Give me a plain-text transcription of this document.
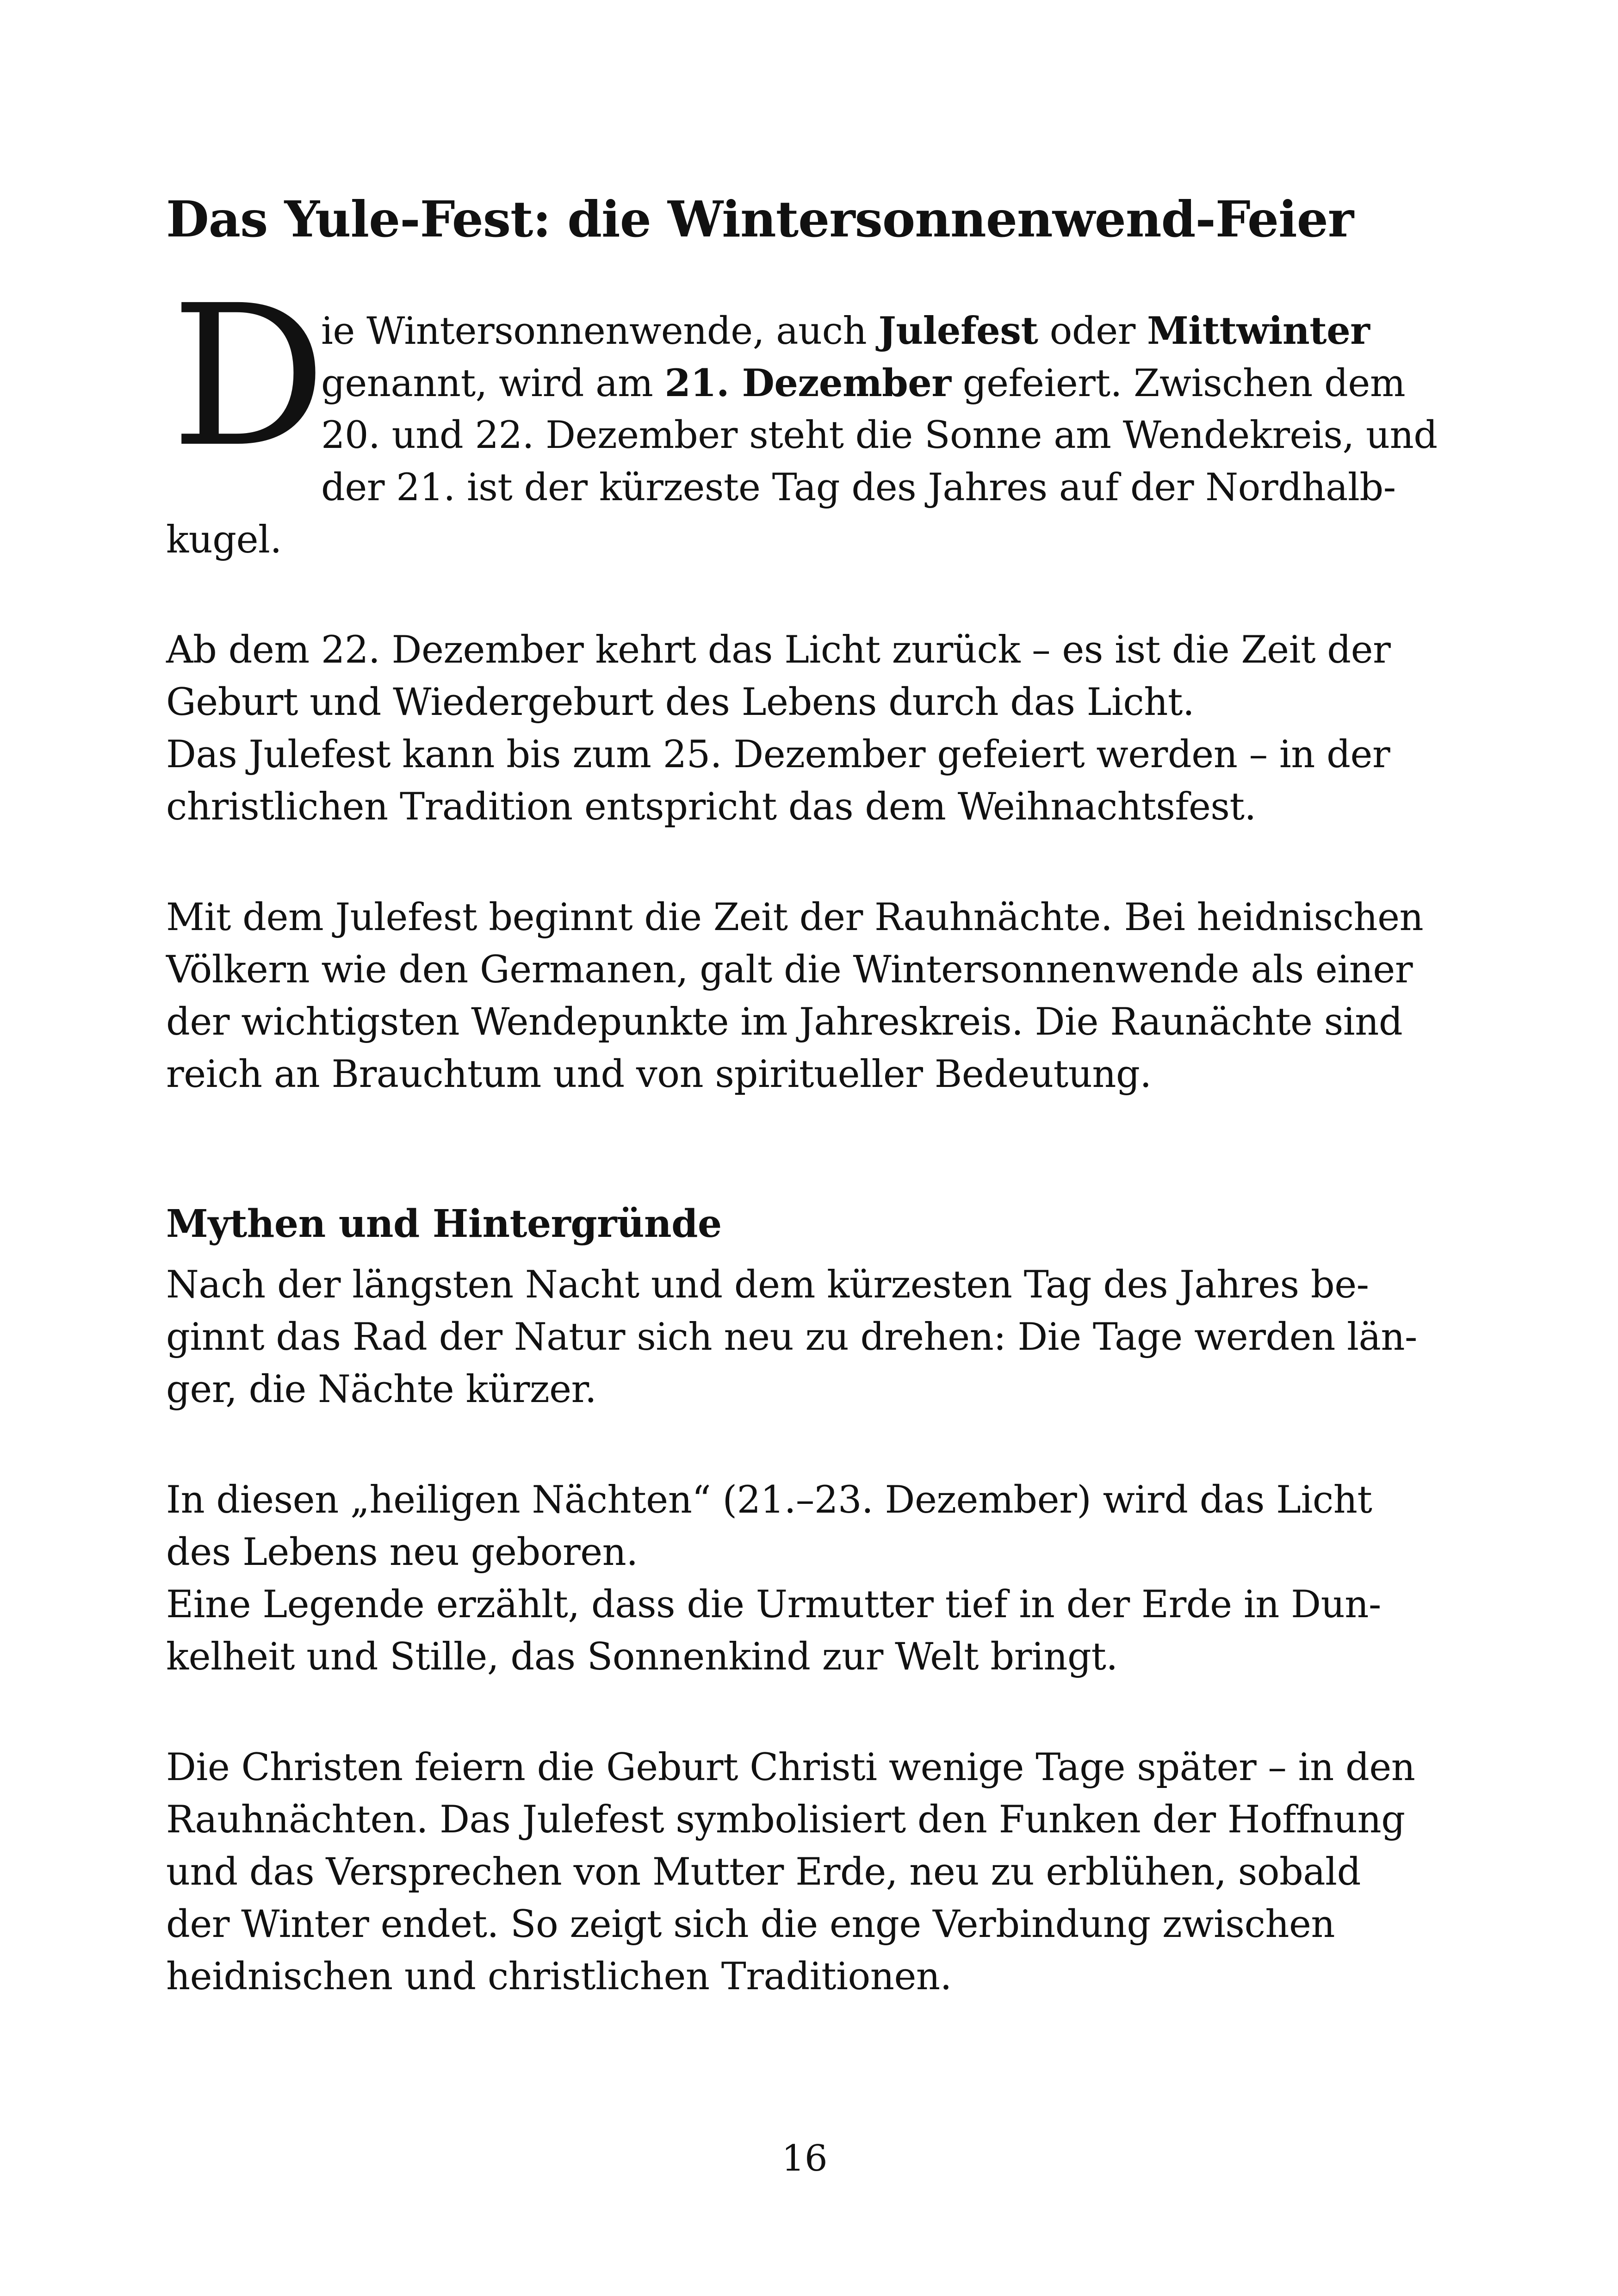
Das Yule-Fest: die Wintersonnenwend-Feier
D
ie Wintersonnenwende, auch Julefest oder Mittwinter
genannt, wird am 21. Dezember gefeiert. Zwischen dem
20. und 22. Dezember steht die Sonne am Wendekreis, und
der 21. ist der kürzeste Tag des Jahres auf der Nordhalb-
kugel.
Ab dem 22. Dezember kehrt das Licht zurück – es ist die Zeit der
Geburt und Wiedergeburt des Lebens durch das Licht.
Das Julefest kann bis zum 25. Dezember gefeiert werden – in der
christlichen Tradition entspricht das dem Weihnachtsfest.
Mit dem Julefest beginnt die Zeit der Rauhnächte. Bei heidnischen
Völkern wie den Germanen, galt die Wintersonnenwende als einer
der wichtigsten Wendepunkte im Jahreskreis. Die Raunächte sind
reich an Brauchtum und von spiritueller Bedeutung.
Mythen und Hintergründe
Nach der längsten Nacht und dem kürzesten Tag des Jahres be-
ginnt das Rad der Natur sich neu zu drehen: Die Tage werden län-
ger, die Nächte kürzer.
In diesen „heiligen Nächten“ (21.–23. Dezember) wird das Licht
des Lebens neu geboren.
Eine Legende erzählt, dass die Urmutter tief in der Erde in Dun-
kelheit und Stille, das Sonnenkind zur Welt bringt.
Die Christen feiern die Geburt Christi wenige Tage später – in den
Rauhnächten. Das Julefest symbolisiert den Funken der Hoffnung
und das Versprechen von Mutter Erde, neu zu erblühen, sobald
der Winter endet. So zeigt sich die enge Verbindung zwischen
heidnischen und christlichen Traditionen.
16
